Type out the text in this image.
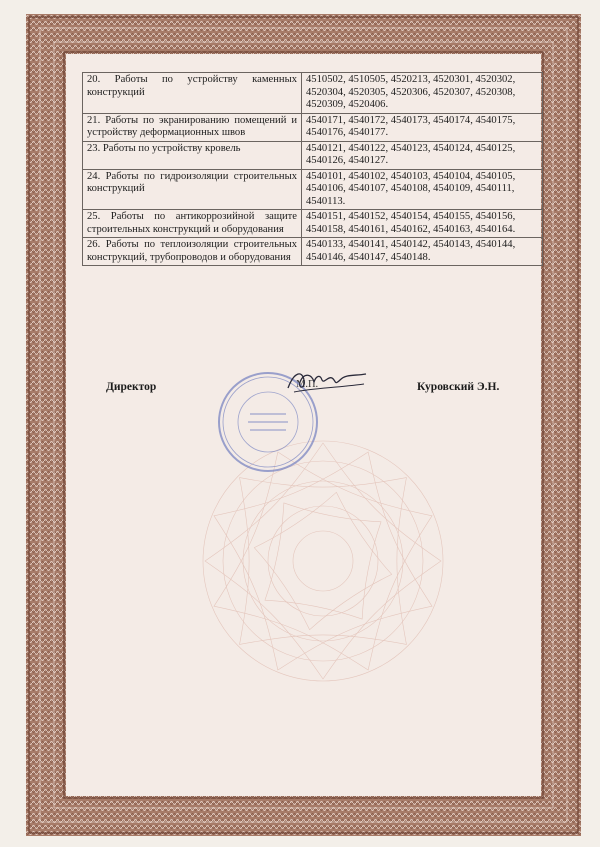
20. Работы по устройству каменных конструкций	4510502, 4510505, 4520213, 4520301, 4520302, 4520304, 4520305, 4520306, 4520307, 4520308, 4520309, 4520406.
21. Работы по экранированию помещений и устройству деформационных швов	4540171, 4540172, 4540173, 4540174, 4540175, 4540176, 4540177.
23. Работы по устройству кровель	4540121, 4540122, 4540123, 4540124, 4540125, 4540126, 4540127.
24. Работы по гидроизоляции строительных конструкций	4540101, 4540102, 4540103, 4540104, 4540105, 4540106, 4540107, 4540108, 4540109, 4540111, 4540113.
25. Работы по антикоррозийной защите строительных конструкций и оборудования	4540151, 4540152, 4540154, 4540155, 4540156, 4540158, 4540161, 4540162, 4540163, 4540164.
26. Работы по теплоизоляции строительных конструкций, трубопроводов и оборудования	4540133, 4540141, 4540142, 4540143, 4540144, 4540146, 4540147, 4540148.
Директор	М.П.	Куровский Э.Н.
